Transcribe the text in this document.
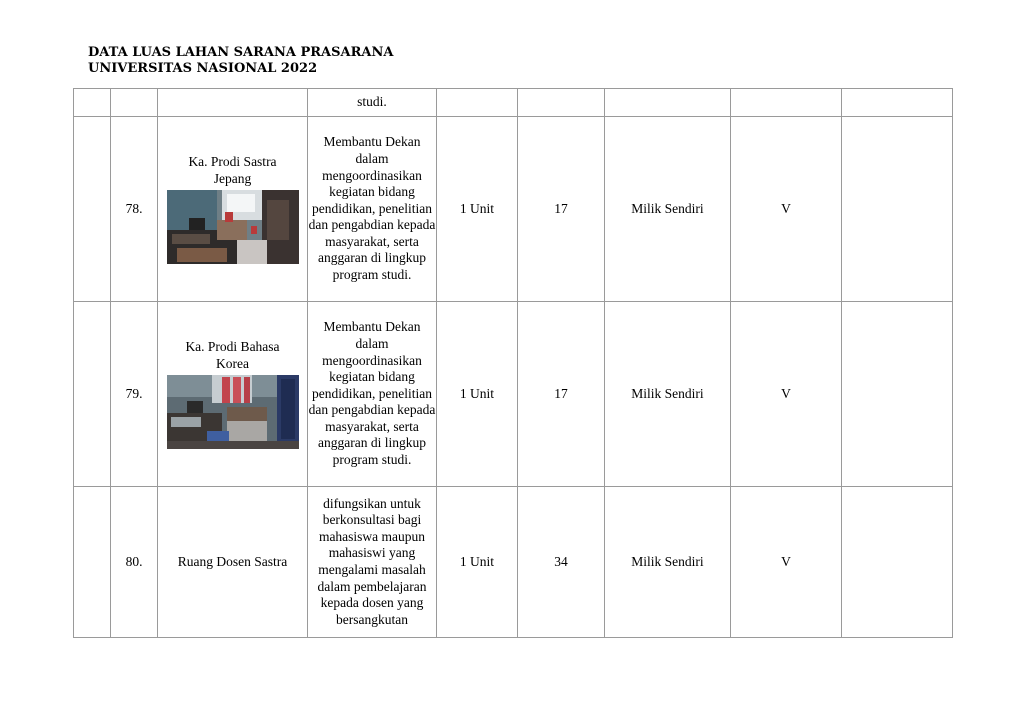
DATA LUAS LAHAN SARANA PRASARANA
UNIVERSITAS NASIONAL 2022
			studi.					
	78.	Ka. Prodi Sastra Jepang	Membantu Dekan dalam mengoordinasikan kegiatan bidang pendidikan, penelitian dan pengabdian kepada masyarakat, serta anggaran di lingkup program studi.	1 Unit	17	Milik Sendiri	V	
	79.	Ka. Prodi Bahasa Korea	Membantu Dekan dalam mengoordinasikan kegiatan bidang pendidikan, penelitian dan pengabdian kepada masyarakat, serta anggaran di lingkup program studi.	1 Unit	17	Milik Sendiri	V	
	80.	Ruang Dosen Sastra	difungsikan untuk berkonsultasi bagi mahasiswa maupun mahasiswi yang mengalami masalah dalam pembelajaran kepada dosen yang bersangkutan	1 Unit	34	Milik Sendiri	V	
